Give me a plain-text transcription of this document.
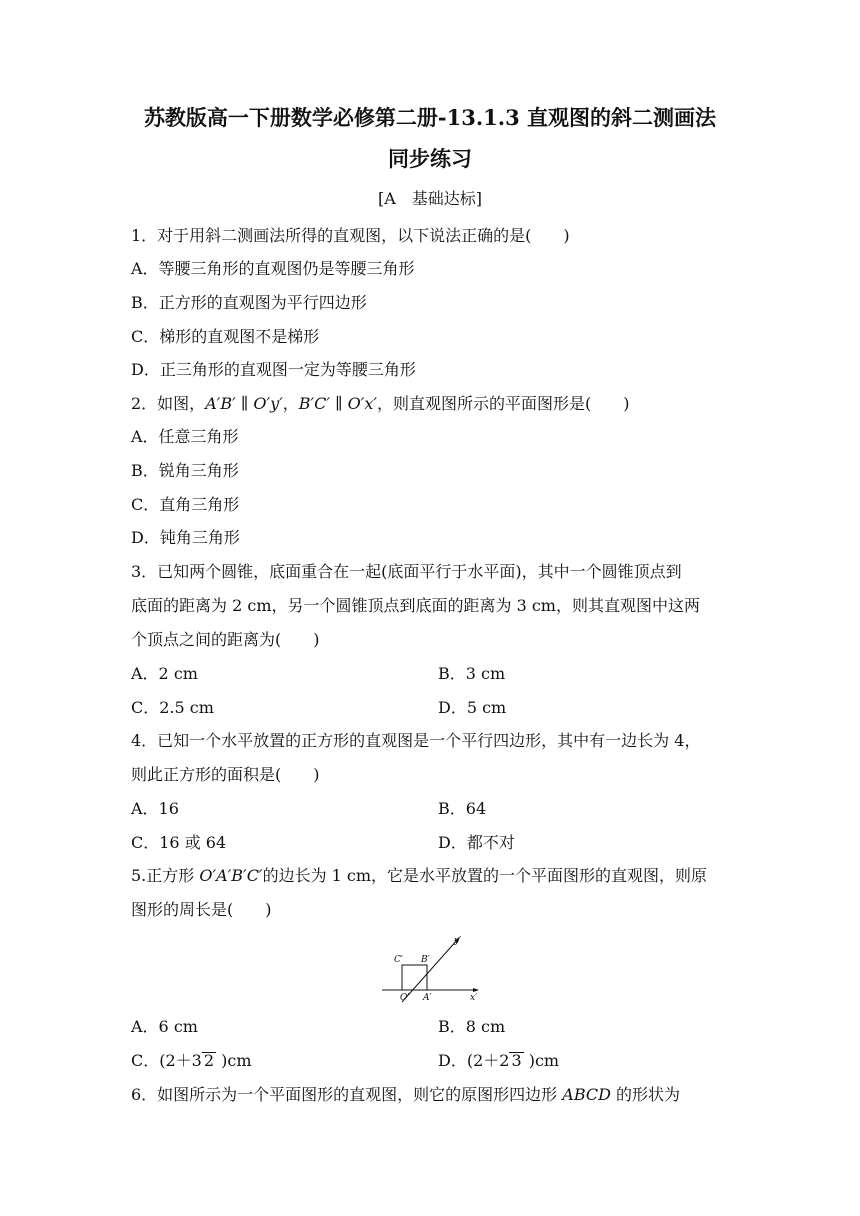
苏教版高一下册数学必修第二册-13.1.3 直观图的斜二测画法
同步练习
[A　基础达标]
1．对于用斜二测画法所得的直观图，以下说法正确的是(　　)
A．等腰三角形的直观图仍是等腰三角形
B．正方形的直观图为平行四边形
C．梯形的直观图不是梯形
D．正三角形的直观图一定为等腰三角形
2．如图，A′B′ ∥ O′y′，B′C′ ∥ O′x′，则直观图所示的平面图形是(　　)
A．任意三角形
B．锐角三角形
C．直角三角形
D．钝角三角形
3．已知两个圆锥，底面重合在一起(底面平行于水平面)，其中一个圆锥顶点到
底面的距离为 2 cm，另一个圆锥顶点到底面的距离为 3 cm，则其直观图中这两
个顶点之间的距离为(　　)
A．2 cm	B．3 cm
C．2.5 cm	D．5 cm
4．已知一个水平放置的正方形的直观图是一个平行四边形，其中有一边长为 4，
则此正方形的面积是(　　)
A．16	B．64
C．16 或 64	D．都不对
5.正方形 O′A′B′C′的边长为 1 cm，它是水平放置的一个平面图形的直观图，则原
图形的周长是(　　)
C′ B′
y′
O′ A′	x′
A．6 cm	B．8 cm
C．(2＋3 2 )cm	D．(2＋2 3 )cm
6．如图所示为一个平面图形的直观图，则它的原图形四边形 ABCD 的形状为
